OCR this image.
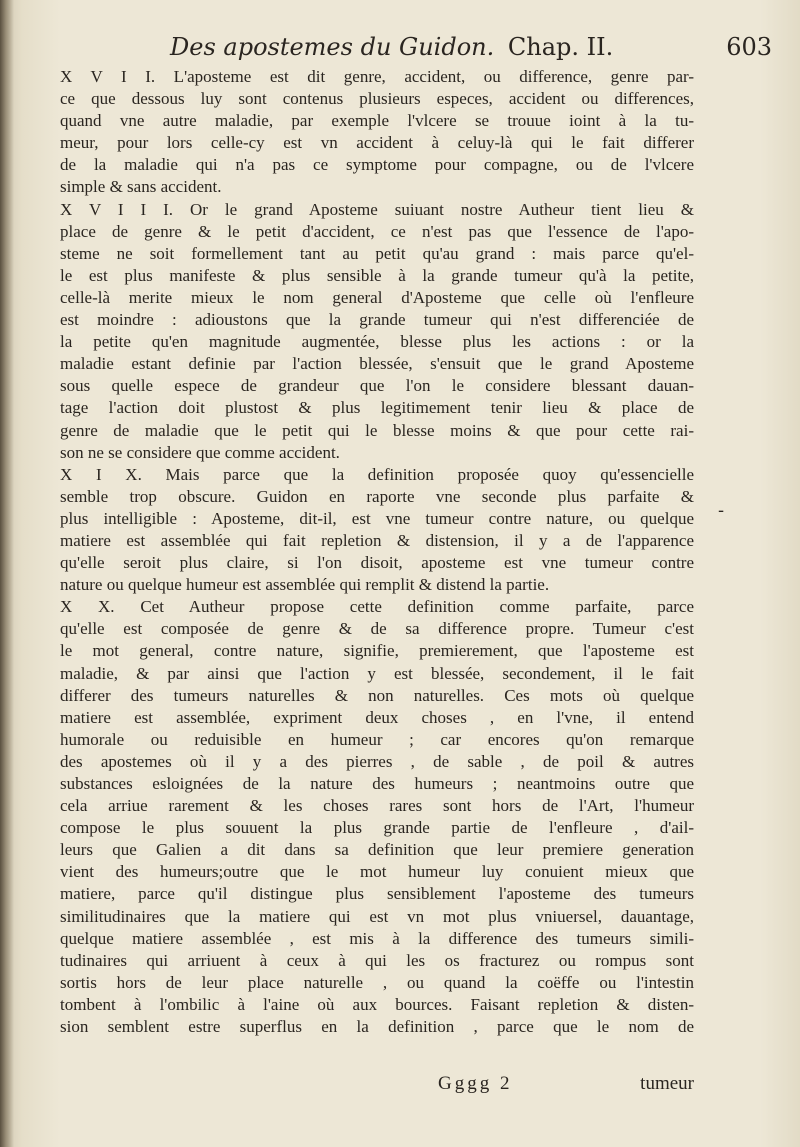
Des apostemes du Guidon. Chap. II.	603
X V I I. L'aposteme est dit genre, accident, ou difference, genre par-
ce que dessous luy sont contenus plusieurs especes, accident ou differences,
quand vne autre maladie, par exemple l'vlcere se trouue ioint à la tu-
meur, pour lors celle-cy est vn accident à celuy-là qui le fait differer
de la maladie qui n'a pas ce symptome pour compagne, ou de l'vlcere
simple & sans accident.
X V I I I. Or le grand Aposteme suiuant nostre Autheur tient lieu &
place de genre & le petit d'accident, ce n'est pas que l'essence de l'apo-
steme ne soit formellement tant au petit qu'au grand : mais parce qu'el-
le est plus manifeste & plus sensible à la grande tumeur qu'à la petite,
celle-là merite mieux le nom general d'Aposteme que celle où l'enfleure
est moindre : adioustons que la grande tumeur qui n'est differenciée de
la petite qu'en magnitude augmentée, blesse plus les actions : or la
maladie estant definie par l'action blessée, s'ensuit que le grand Aposteme
sous quelle espece de grandeur que l'on le considere blessant dauan-
tage l'action doit plustost & plus legitimement tenir lieu & place de
genre de maladie que le petit qui le blesse moins & que pour cette rai-
son ne se considere que comme accident.
X I X. Mais parce que la definition proposée quoy qu'essencielle
semble trop obscure. Guidon en raporte vne seconde plus parfaite &
plus intelligible : Aposteme, dit-il, est vne tumeur contre nature, ou quelque
matiere est assemblée qui fait repletion & distension, il y a de l'apparence
qu'elle seroit plus claire, si l'on disoit, aposteme est vne tumeur contre
nature ou quelque humeur est assemblée qui remplit & distend la partie.
X X. Cet Autheur propose cette definition comme parfaite, parce
qu'elle est composée de genre & de sa difference propre. Tumeur c'est
le mot general, contre nature, signifie, premierement, que l'aposteme est
maladie, & par ainsi que l'action y est blessée, secondement, il le fait
differer des tumeurs naturelles & non naturelles. Ces mots où quelque
matiere est assemblée, expriment deux choses , en l'vne, il entend
humorale ou reduisible en humeur ; car encores qu'on remarque
des apostemes où il y a des pierres , de sable , de poil & autres
substances esloignées de la nature des humeurs ; neantmoins outre que
cela arriue rarement & les choses rares sont hors de l'Art, l'humeur
compose le plus souuent la plus grande partie de l'enfleure , d'ail-
leurs que Galien a dit dans sa definition que leur premiere generation
vient des humeurs;outre que le mot humeur luy conuient mieux que
matiere, parce qu'il distingue plus sensiblement l'aposteme des tumeurs
similitudinaires que la matiere qui est vn mot plus vniuersel, dauantage,
quelque matiere assemblée , est mis à la difference des tumeurs simili-
tudinaires qui arriuent à ceux à qui les os fracturez ou rompus sont
sortis hors de leur place naturelle , ou quand la coëffe ou l'intestin
tombent à l'ombilic à l'aine où aux bources. Faisant repletion & disten-
sion semblent estre superflus en la definition , parce que le nom de
-
Gggg 2	tumeur
